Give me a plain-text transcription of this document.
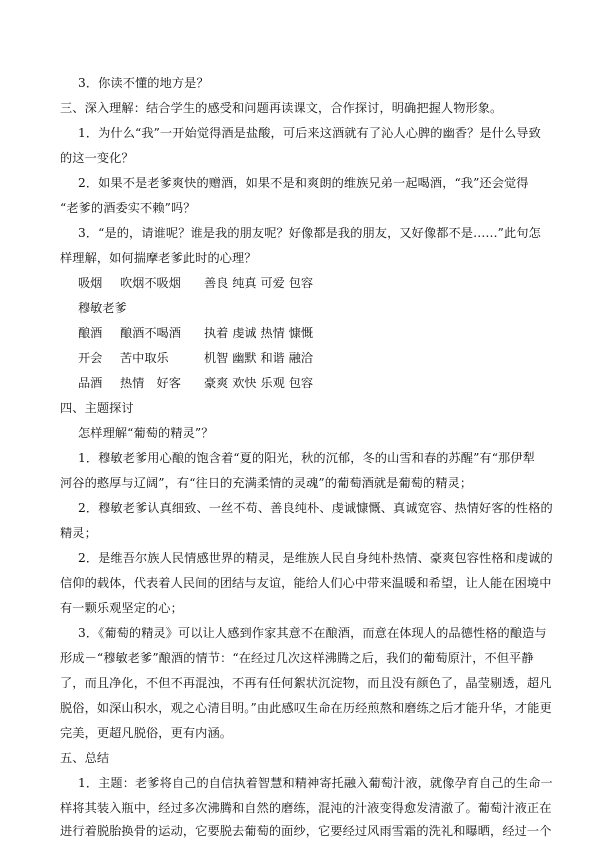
3．你读不懂的地方是？
三、深入理解：结合学生的感受和问题再读课文，合作探讨，明确把握人物形象。
1．为什么“我”一开始觉得酒是盐酸，可后来这酒就有了沁人心脾的幽香？是什么导致
的这一变化？
2．如果不是老爹爽快的赠酒，如果不是和爽朗的维族兄弟一起喝酒，“我”还会觉得
“老爹的酒委实不赖”吗？
3．“是的，请谁呢？谁是我的朋友呢？好像都是我的朋友，又好像都不是……”此句怎
样理解，如何揣摩老爹此时的心理？
吸烟 吹烟不吸烟 善良 纯真 可爱 包容
穆敏老爹
酿酒 酿酒不喝酒 执着 虔诚 热情 慷慨
开会 苦中取乐	机智 幽默 和谐 融洽
品酒 热情　好客 豪爽 欢快 乐观 包容
四、主题探讨
怎样理解“葡萄的精灵”？
1．穆敏老爹用心酿的饱含着“夏的阳光，秋的沉郁，冬的山雪和春的苏醒”有“那伊犁
河谷的憨厚与辽阔”，有“往日的充满柔情的灵魂”的葡萄酒就是葡萄的精灵；
2．穆敏老爹认真细致、一丝不苟、善良纯朴、虔诚慷慨、真诚宽容、热情好客的性格的
精灵；
2．是维吾尔族人民情感世界的精灵，是维族人民自身纯朴热情、豪爽包容性格和虔诚的
信仰的载体，代表着人民间的团结与友谊，能给人们心中带来温暖和希望，让人能在困境中
有一颗乐观坚定的心；
3．《葡萄的精灵》可以让人感到作家其意不在酿酒，而意在体现人的品德性格的酿造与
形成－“穆敏老爹”酿酒的情节：“在经过几次这样沸腾之后，我们的葡萄原汁，不但平静
了，而且净化，不但不再混浊，不再有任何絮状沉淀物，而且没有颜色了，晶莹剔透，超凡
脱俗，如深山积水，观之心清目明。”由此感叹生命在历经煎熬和磨练之后才能升华，才能更
完美，更超凡脱俗，更有内涵。
五、总结
1．主题：老爹将自己的自信执着智慧和精神寄托融入葡萄汁液，就像孕育自己的生命一
样将其装入瓶中，经过多次沸腾和自然的磨练，混沌的汁液变得愈发清澈了。葡萄汁液正在
进行着脱胎换骨的运动，它要脱去葡萄的面纱，它要经过风雨雪霜的洗礼和曝晒，经过一个
